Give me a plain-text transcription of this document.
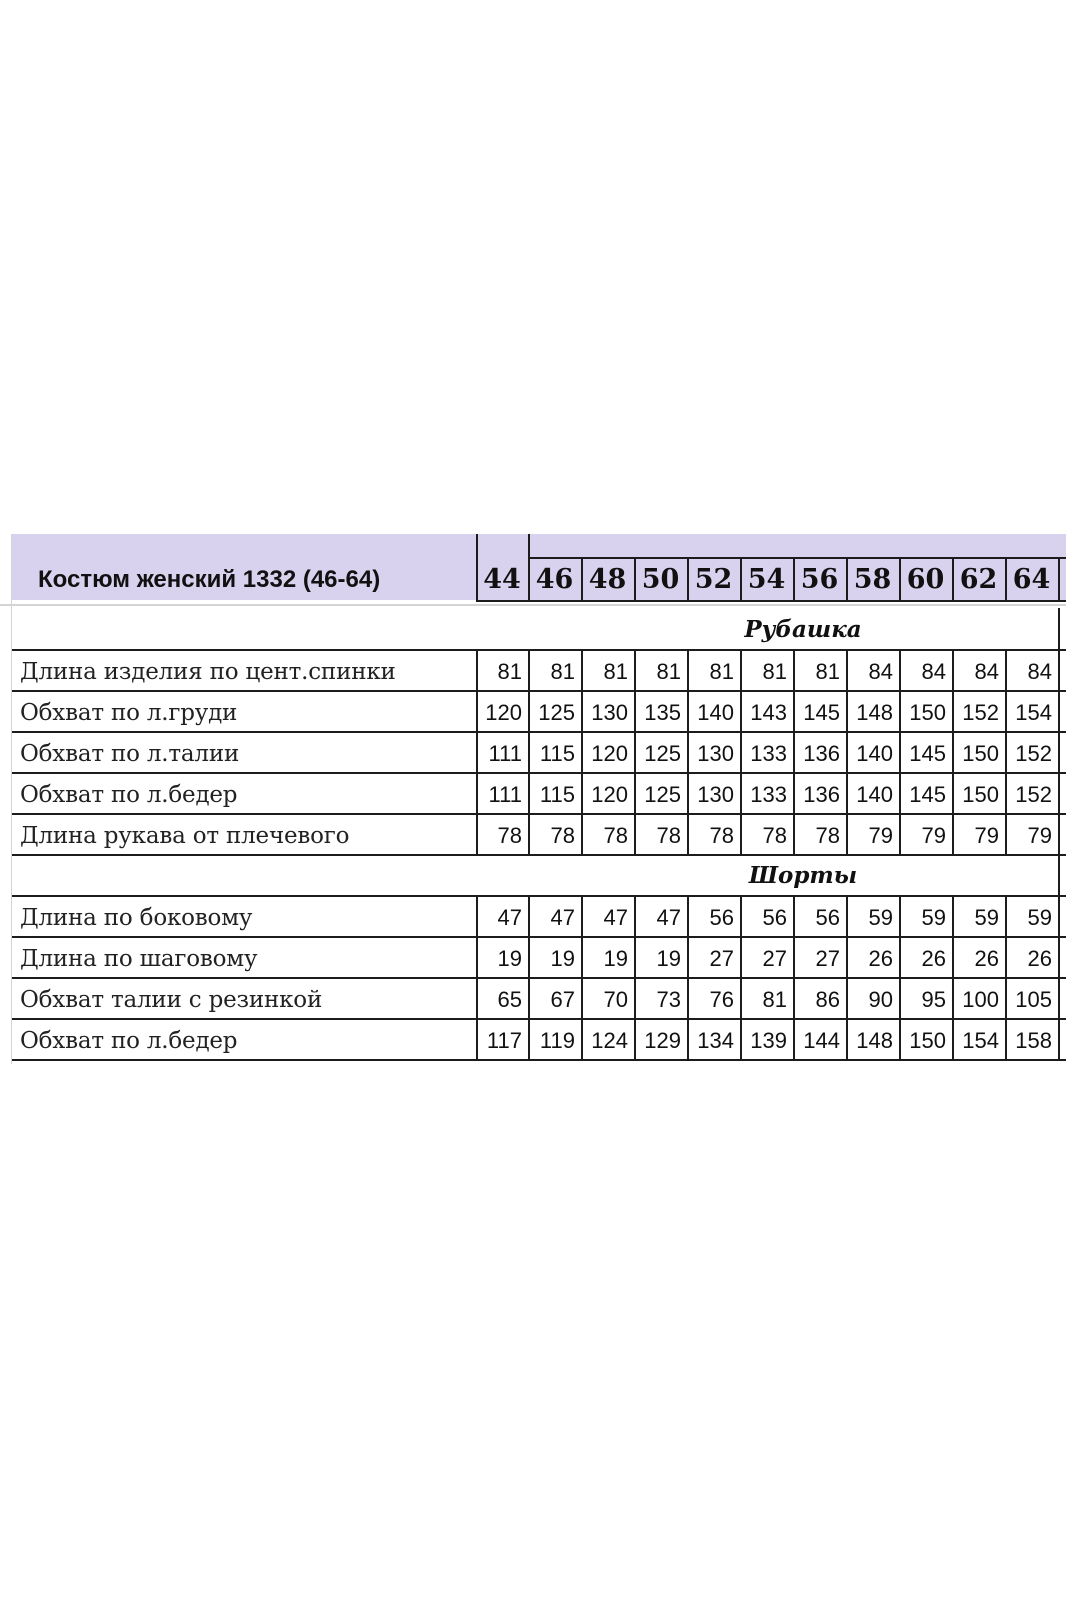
Костюм женский 1332 (46-64)	44 46 48 50 52 54 56 58 60 62 64
Рубашка
Длина изделия по цент.спинки	81	81	81	81	81	81	81	84	84	84	84
Обхват по л.груди	120 125 130 135 140 143 145 148 150 152 154
Обхват по л.талии	111 115 120 125 130 133 136 140 145 150 152
Обхват по л.бедер	111 115 120 125 130 133 136 140 145 150 152
Длина рукава от плечевого	78	78	78	78	78	78	78	79	79	79	79
Шорты
Длина по боковому	47	47	47	47	56	56	56	59	59	59	59
Длина по шаговому	19	19	19	19	27	27	27	26	26	26	26
Обхват талии с резинкой	65	67	70	73	76	81	86	90	95 100 105
Обхват по л.бедер	117 119 124 129 134 139 144 148 150 154 158
